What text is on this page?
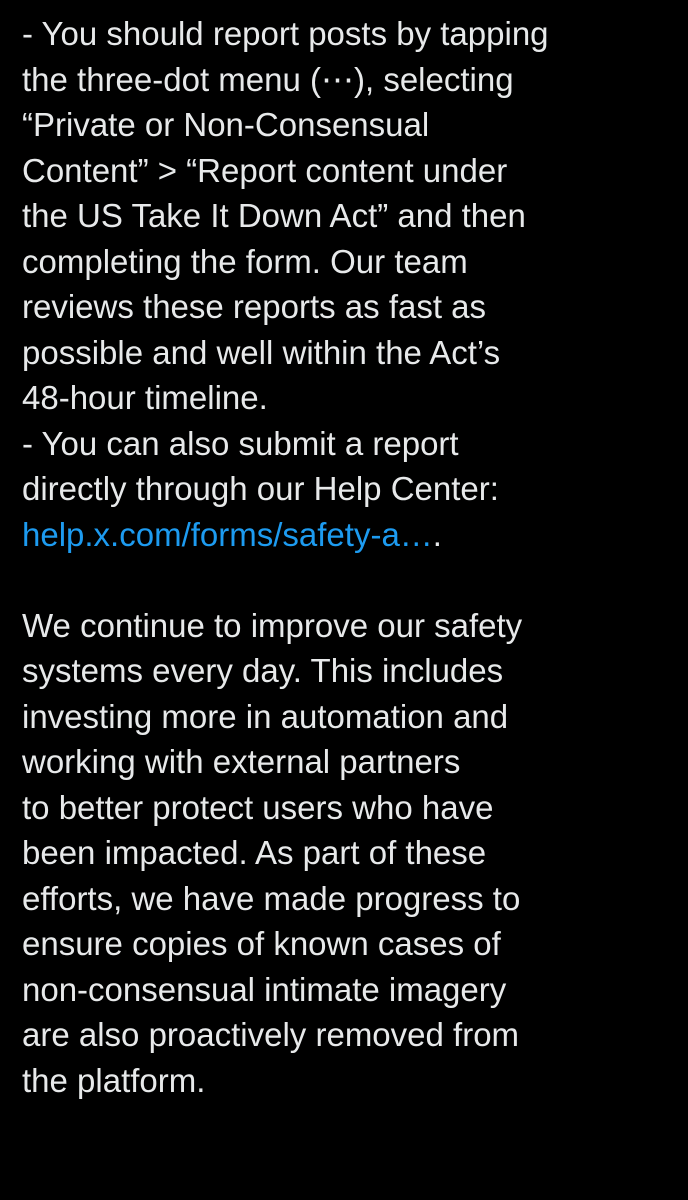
- You should report posts by tapping
the three-dot menu (⋯), selecting
“Private or Non-Consensual
Content” > “Report content under
the US Take It Down Act” and then
completing the form. Our team
reviews these reports as fast as
possible and well within the Act’s
48-hour timeline.
- You can also submit a report
directly through our Help Center:
help.x.com/forms/safety-a….
We continue to improve our safety
systems every day. This includes
investing more in automation and
working with external partners
to better protect users who have
been impacted. As part of these
efforts, we have made progress to
ensure copies of known cases of
non-consensual intimate imagery
are also proactively removed from
the platform.
